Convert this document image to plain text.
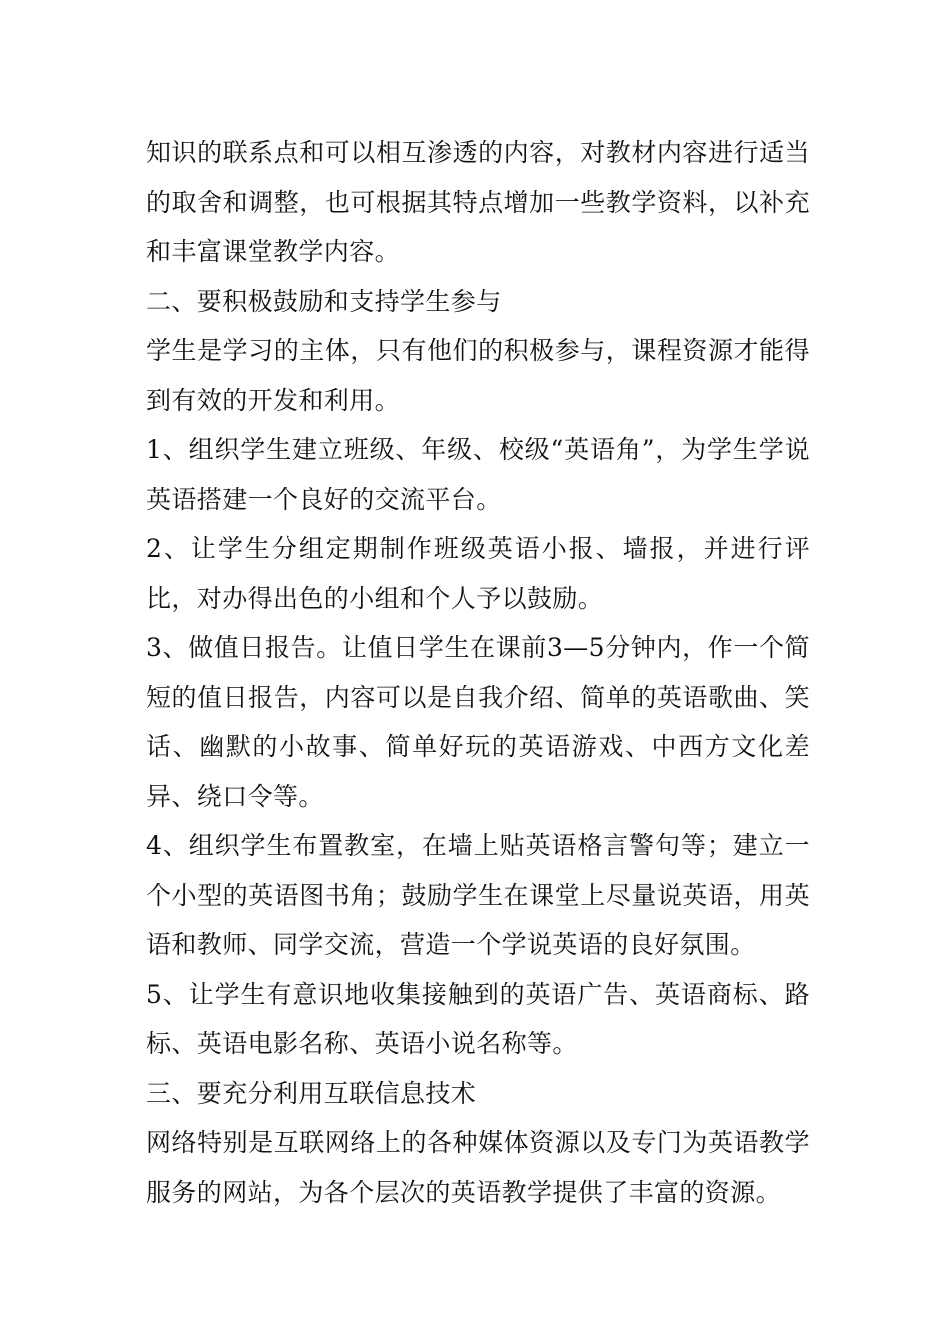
知识的联系点和可以相互渗透的内容，对教材内容进行适当的取舍和调整，也可根据其特点增加一些教学资料，以补充和丰富课堂教学内容。

二、要积极鼓励和支持学生参与

学生是学习的主体，只有他们的积极参与，课程资源才能得到有效的开发和利用。

1、组织学生建立班级、年级、校级“英语角”，为学生学说英语搭建一个良好的交流平台。

2、让学生分组定期制作班级英语小报、墙报，并进行评比，对办得出色的小组和个人予以鼓励。

3、做值日报告。让值日学生在课前3—5分钟内，作一个简短的值日报告，内容可以是自我介绍、简单的英语歌曲、笑话、幽默的小故事、简单好玩的英语游戏、中西方文化差异、绕口令等。

4、组织学生布置教室，在墙上贴英语格言警句等；建立一个小型的英语图书角；鼓励学生在课堂上尽量说英语，用英语和教师、同学交流，营造一个学说英语的良好氛围。

5、让学生有意识地收集接触到的英语广告、英语商标、路标、英语电影名称、英语小说名称等。

三、要充分利用互联信息技术

网络特别是互联网络上的各种媒体资源以及专门为英语教学服务的网站，为各个层次的英语教学提供了丰富的资源。
